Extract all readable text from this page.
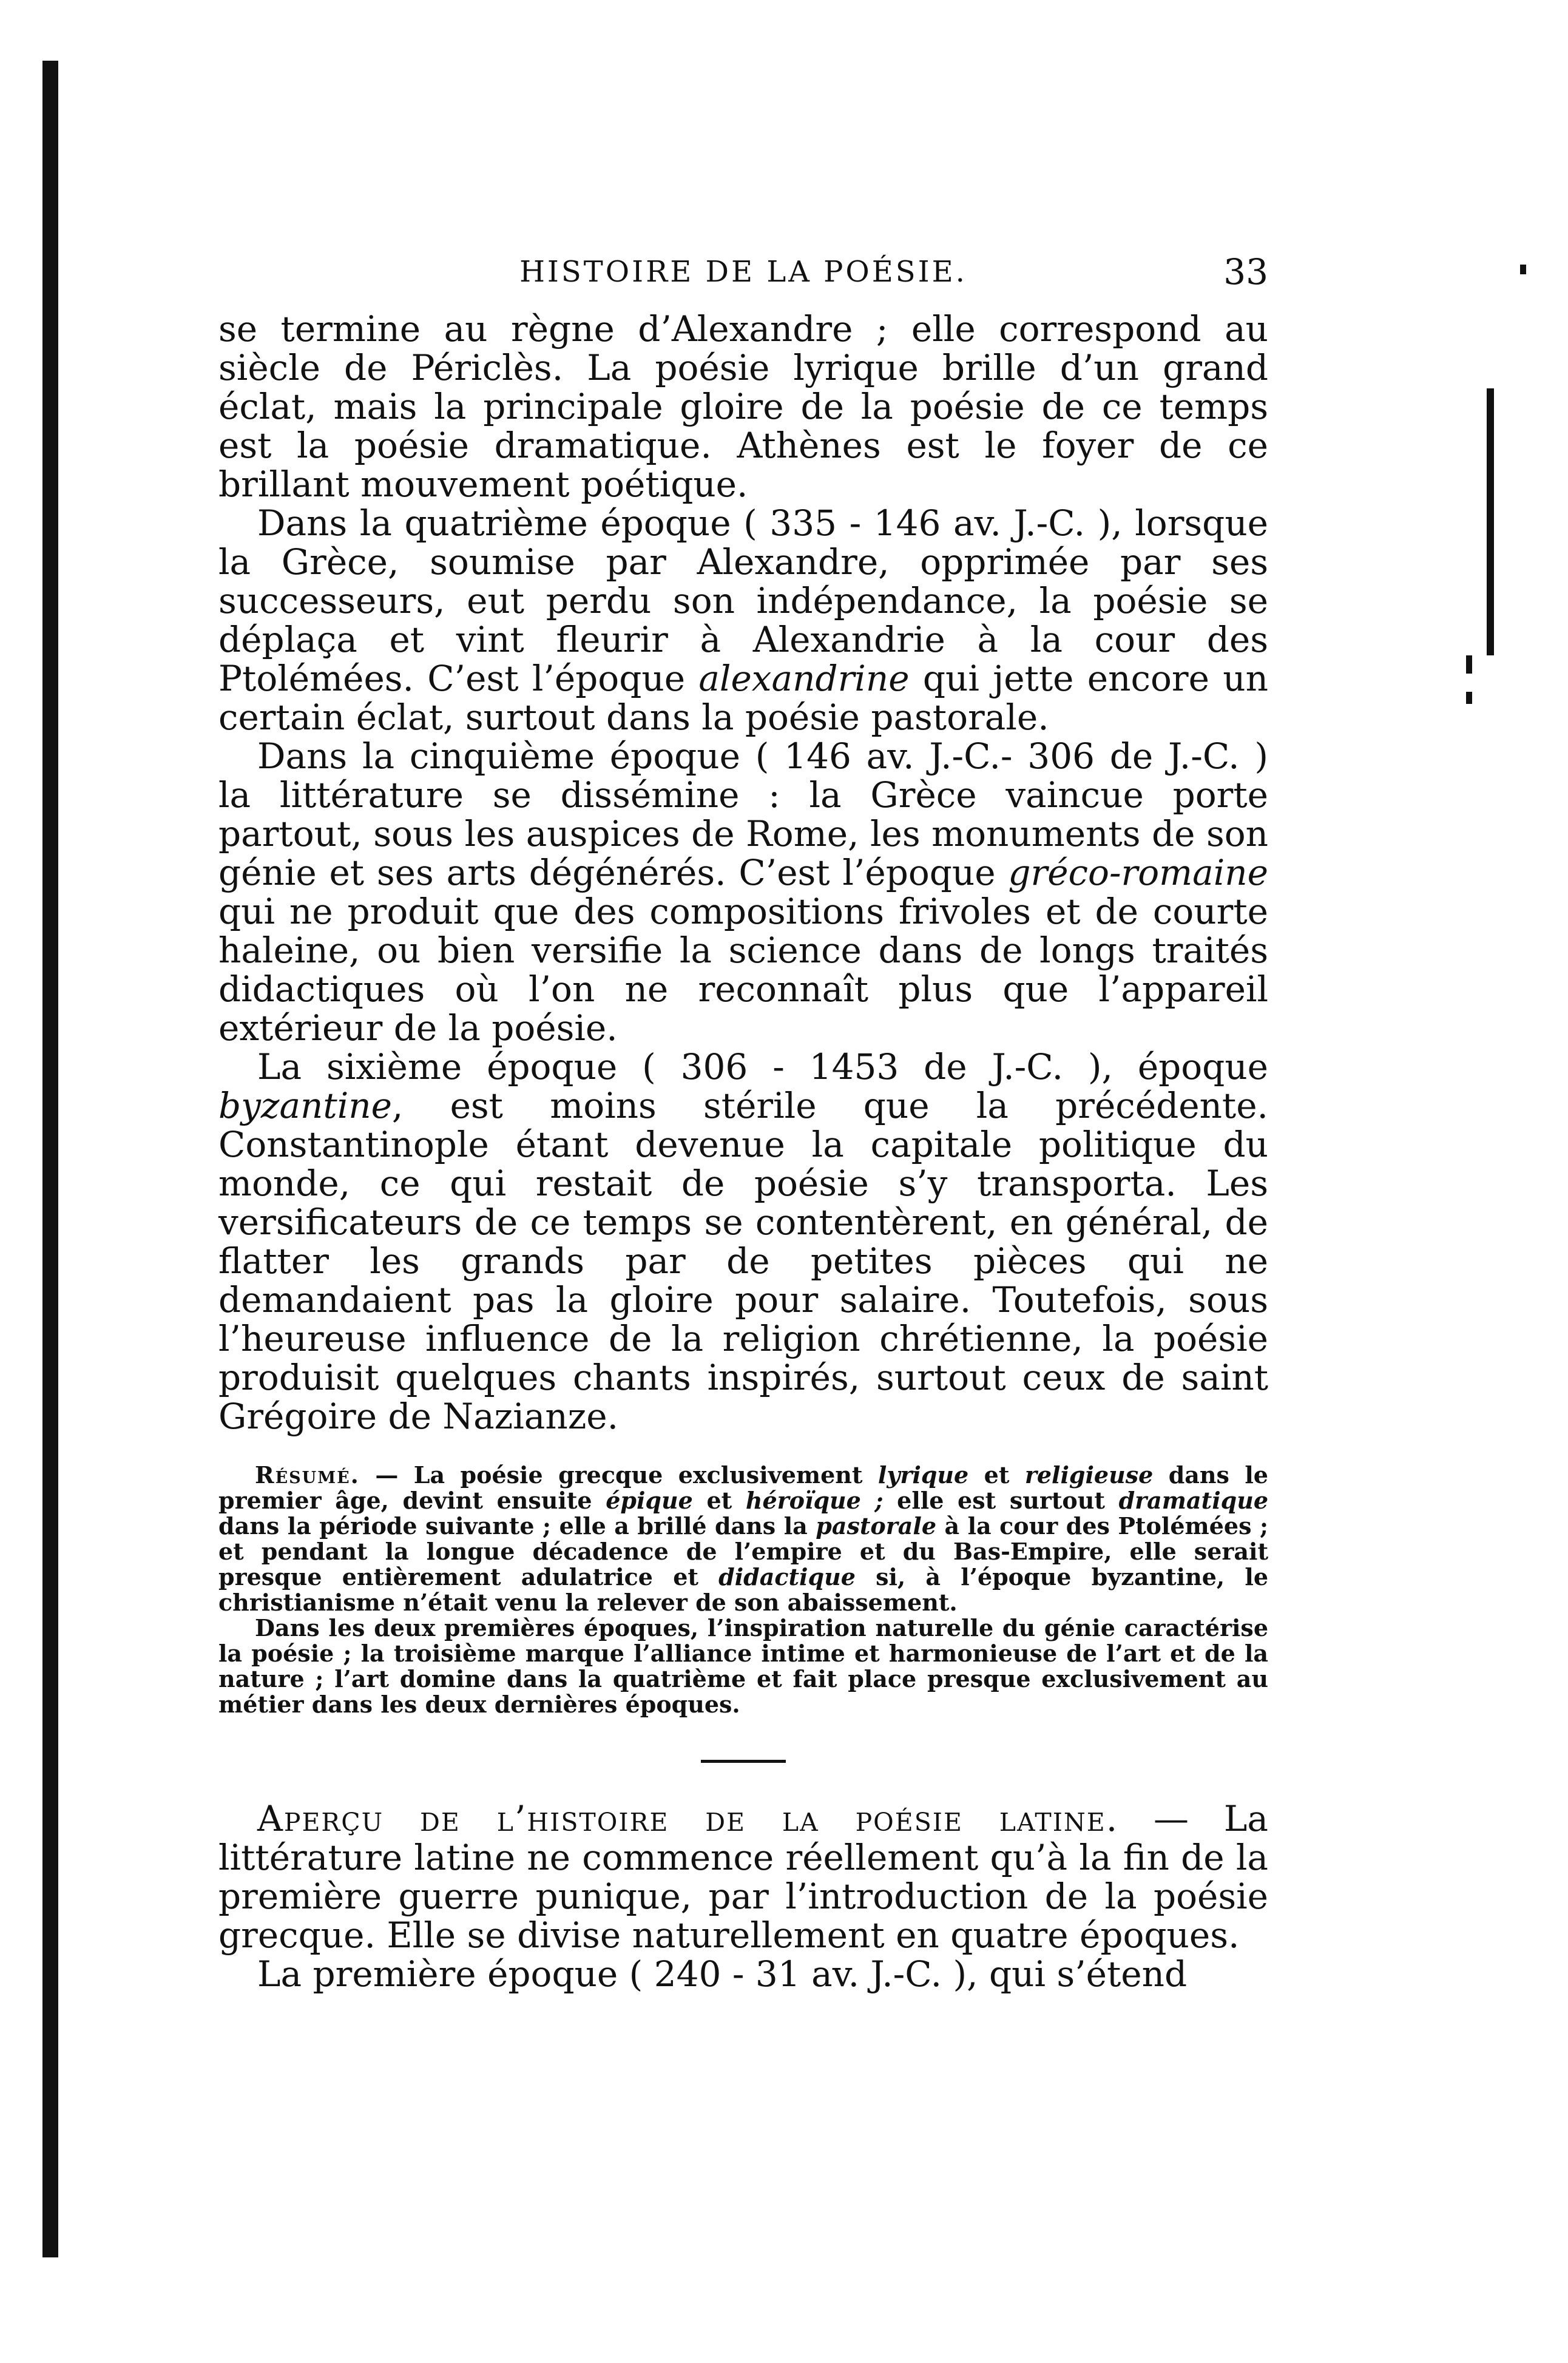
HISTOIRE DE LA POÉSIE.	33

se termine au règne d’Alexandre ; elle correspond au siècle de Périclès. La poésie lyrique brille d’un grand éclat, mais la principale gloire de la poésie de ce temps est la poésie dramatique. Athènes est le foyer de ce brillant mouvement poétique.

Dans la quatrième époque ( 335 - 146 av. J.-C. ), lorsque la Grèce, soumise par Alexandre, opprimée par ses successeurs, eut perdu son indépendance, la poésie se déplaça et vint fleurir à Alexandrie à la cour des Ptolémées. C’est l’époque alexandrine qui jette encore un certain éclat, surtout dans la poésie pastorale.

Dans la cinquième époque ( 146 av. J.-C.- 306 de J.-C. ) la littérature se dissémine : la Grèce vaincue porte partout, sous les auspices de Rome, les monuments de son génie et ses arts dégénérés. C’est l’époque gréco-romaine qui ne produit que des compositions frivoles et de courte haleine, ou bien versifie la science dans de longs traités didactiques où l’on ne reconnaît plus que l’appareil extérieur de la poésie.

La sixième époque ( 306 - 1453 de J.-C. ), époque byzantine, est moins stérile que la précédente. Constantinople étant devenue la capitale politique du monde, ce qui restait de poésie s’y transporta. Les versificateurs de ce temps se contentèrent, en général, de flatter les grands par de petites pièces qui ne demandaient pas la gloire pour salaire. Toutefois, sous l’heureuse influence de la religion chrétienne, la poésie produisit quelques chants inspirés, surtout ceux de saint Grégoire de Nazianze.

Résumé. — La poésie grecque exclusivement lyrique et religieuse dans le premier âge, devint ensuite épique et héroïque ; elle est surtout dramatique dans la période suivante ; elle a brillé dans la pastorale à la cour des Ptolémées ; et pendant la longue décadence de l’empire et du Bas-Empire, elle serait presque entièrement adulatrice et didactique si, à l’époque byzantine, le christianisme n’était venu la relever de son abaissement.

Dans les deux premières époques, l’inspiration naturelle du génie caractérise la poésie ; la troisième marque l’alliance intime et harmonieuse de l’art et de la nature ; l’art domine dans la quatrième et fait place presque exclusivement au métier dans les deux dernières époques.

Aperçu de l’histoire de la poésie latine. — La littérature latine ne commence réellement qu’à la fin de la première guerre punique, par l’introduction de la poésie grecque. Elle se divise naturellement en quatre époques.

La première époque ( 240 - 31 av. J.-C. ), qui s’étend
